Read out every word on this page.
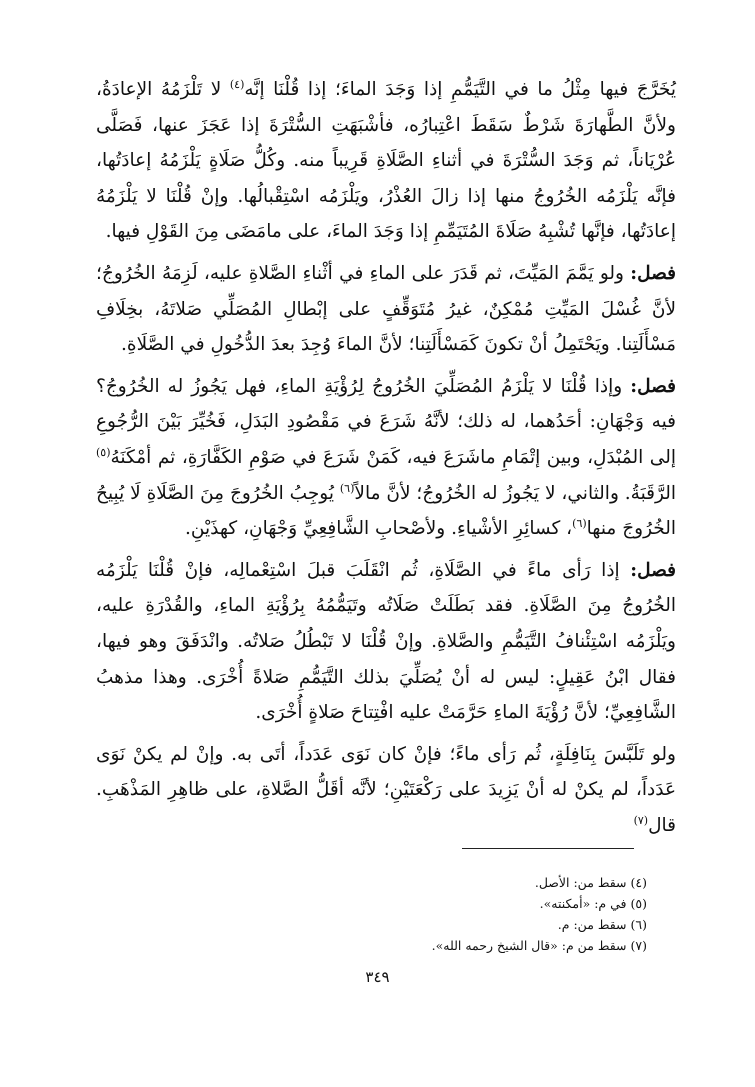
يُخَرَّجَ فيها مِثْلُ ما في التَّيَمُّمِ إذا وَجَدَ الماءَ؛ إذا قُلْنَا إنَّه$^{(٤)}$ لا تَلْزَمُهُ الإعادَةُ، ولأنَّ الطَّهارَةَ شَرْطٌ سَقَطَ اعْتِبارُه، فأشْبَهَتِ السُّتْرَةَ إذا عَجَزَ عنها، فَصَلَّى عُرْيَاناً، ثم وَجَدَ السُّتْرَةَ في أثناءِ الصَّلَاةِ قَرِيباً منه. وكُلُّ صَلَاةٍ يَلْزَمُهُ إعادَتُها، فإنَّه يَلْزَمُه الخُرُوجُ منها إذا زالَ العُذْرُ، ويَلْزَمُه اسْتِقْبالُها. وإنْ قُلْنَا لا يَلْزَمُهُ إعادَتُها، فإنَّها تُشْبِهُ صَلَاةَ المُتَيَمِّمِ إذا وَجَدَ الماءَ، على مامَضَى مِنَ القَوْلِ فيها.

فصل: ولو يَمَّمَ المَيِّتَ، ثم قَدَرَ على الماءِ في أثْناءِ الصَّلاةِ عليه، لَزِمَهُ الخُرُوجُ؛ لأنَّ غُسْلَ المَيِّتِ مُمْكِنٌ، غيرُ مُتَوَقِّفٍ على إبْطالِ المُصَلِّي صَلاتَهُ، بخِلَافِ مَسْأَلَتِنا. ويَحْتَمِلُ أنْ تكونَ كَمَسْأَلَتِنا؛ لأنَّ الماءَ وُجِدَ بعدَ الدُّخُولِ في الصَّلَاةِ.

فصل: وإذا قُلْنَا لا يَلْزَمُ المُصَلِّيَ الخُرُوجُ لِرُؤْيَةِ الماءِ، فهل يَجُوزُ له الخُرُوجُ؟ فيه وَجْهَانِ: أحَدُهما، له ذلك؛ لأنَّهُ شَرَعَ في مَقْصُودِ البَدَلِ، فَخُيِّرَ بَيْنَ الرُّجُوعِ إلى المُبْدَلِ، وبين إتْمَامِ ماشَرَعَ فيه، كَمَنْ شَرَعَ في صَوْمِ الكَفَّارَةِ، ثم أمْكَنَهُ$^{(٥)}$ الرَّقَبَةُ. والثاني، لا يَجُوزُ له الخُرُوجُ؛ لأنَّ مالاً$^{(٦)}$ يُوجِبُ الخُرُوجَ مِنَ الصَّلَاةِ لَا يُبِيحُ الخُرُوجَ منها$^{(٦)}$، كسائِرِ الأشْياءِ. ولأصْحابِ الشَّافِعِيِّ وَجْهَانِ، كهذَيْنِ.

فصل: إذا رَأى ماءً في الصَّلَاةِ، ثُم انْقَلَبَ قبلَ اسْتِعْمالِه، فإنْ قُلْنَا يَلْزَمُه الخُرُوجُ مِنَ الصَّلَاةِ. فقد بَطَلَتْ صَلَاتُه وتَيَمُّمُهُ بِرُؤْيَةِ الماءِ، والقُدْرَةِ عليه، ويَلْزَمُه اسْتِئْنافُ التَّيَمُّمِ والصَّلاةِ. وإنْ قُلْنَا لا تَبْطُلُ صَلاتُه. وانْدَفَقَ وهو فيها، فقال ابْنُ عَقِيلٍ: ليس له أنْ يُصَلِّيَ بذلك التَّيَمُّمِ صَلاةً أُخْرَى. وهذا مذهبُ الشَّافِعِيِّ؛ لأنَّ رُؤْيَةَ الماءِ حَرَّمَتْ عليه افْتِتاحَ صَلاةٍ أُخْرَى.

ولو تَلَبَّسَ بِنَافِلَةٍ، ثُم رَأى ماءً؛ فإنْ كان نَوَى عَدَداً، أتَى به. وإنْ لم يكنْ نَوَى عَدَداً، لم يكنْ له أنْ يَزِيدَ على رَكْعَتَيْنِ؛ لأنَّه أقَلُّ الصَّلاةِ، على ظاهِرِ المَذْهَبِ. قال$^{(٧)}$

(٤) سقط من: الأصل.
(٥) في م: «أمكنته».
(٦) سقط من: م.
(٧) سقط من م: «قال الشيخ رحمه الله».
٣٤٩
